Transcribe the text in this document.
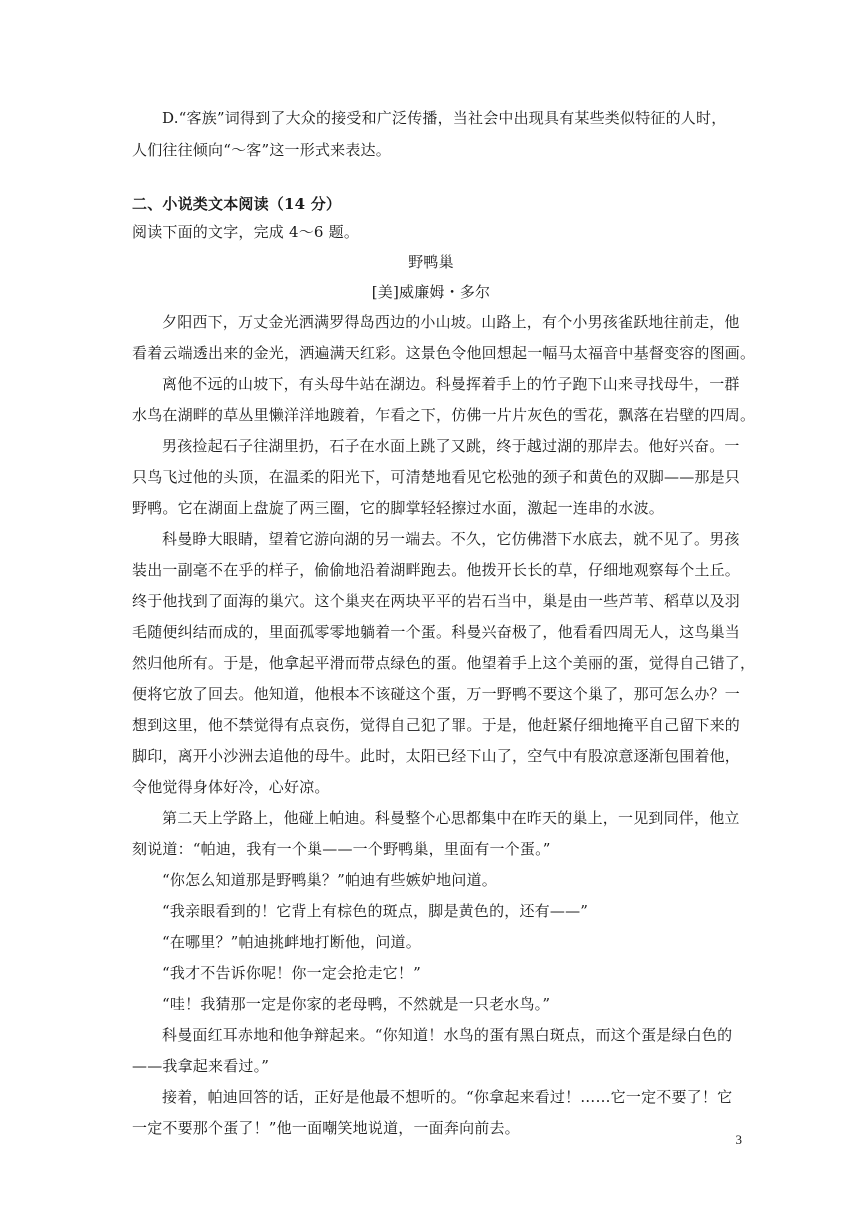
D.“客族”词得到了大众的接受和广泛传播，当社会中出现具有某些类似特征的人时，
人们往往倾向“～客”这一形式来表达。
二、小说类文本阅读（14 分）
阅读下面的文字，完成 4～6 题。
野鸭巢
[美]威廉姆・多尔
夕阳西下，万丈金光洒满罗得岛西边的小山坡。山路上，有个小男孩雀跃地往前走，他
看着云端透出来的金光，洒遍满天红彩。这景色令他回想起一幅马太福音中基督变容的图画。
离他不远的山坡下，有头母牛站在湖边。科曼挥着手上的竹子跑下山来寻找母牛，一群
水鸟在湖畔的草丛里懒洋洋地踱着，乍看之下，仿佛一片片灰色的雪花，飘落在岩壁的四周。
男孩捡起石子往湖里扔，石子在水面上跳了又跳，终于越过湖的那岸去。他好兴奋。一
只鸟飞过他的头顶，在温柔的阳光下，可清楚地看见它松弛的颈子和黄色的双脚——那是只
野鸭。它在湖面上盘旋了两三圈，它的脚掌轻轻擦过水面，激起一连串的水波。
科曼睁大眼睛，望着它游向湖的另一端去。不久，它仿佛潜下水底去，就不见了。男孩
装出一副毫不在乎的样子，偷偷地沿着湖畔跑去。他拨开长长的草，仔细地观察每个土丘。
终于他找到了面海的巢穴。这个巢夹在两块平平的岩石当中，巢是由一些芦苇、稻草以及羽
毛随便纠结而成的，里面孤零零地躺着一个蛋。科曼兴奋极了，他看看四周无人，这鸟巢当
然归他所有。于是，他拿起平滑而带点绿色的蛋。他望着手上这个美丽的蛋，觉得自己错了，
便将它放了回去。他知道，他根本不该碰这个蛋，万一野鸭不要这个巢了，那可怎么办？一
想到这里，他不禁觉得有点哀伤，觉得自己犯了罪。于是，他赶紧仔细地掩平自己留下来的
脚印，离开小沙洲去追他的母牛。此时，太阳已经下山了，空气中有股凉意逐渐包围着他，
令他觉得身体好冷，心好凉。
第二天上学路上，他碰上帕迪。科曼整个心思都集中在昨天的巢上，一见到同伴，他立
刻说道：“帕迪，我有一个巢——一个野鸭巢，里面有一个蛋。”
“你怎么知道那是野鸭巢？”帕迪有些嫉妒地问道。
“我亲眼看到的！它背上有棕色的斑点，脚是黄色的，还有——”
“在哪里？”帕迪挑衅地打断他，问道。
“我才不告诉你呢！你一定会抢走它！”
“哇！我猜那一定是你家的老母鸭，不然就是一只老水鸟。”
科曼面红耳赤地和他争辩起来。“你知道！水鸟的蛋有黑白斑点，而这个蛋是绿白色的
——我拿起来看过。”
接着，帕迪回答的话，正好是他最不想听的。“你拿起来看过！……它一定不要了！它
一定不要那个蛋了！”他一面嘲笑地说道，一面奔向前去。
3
